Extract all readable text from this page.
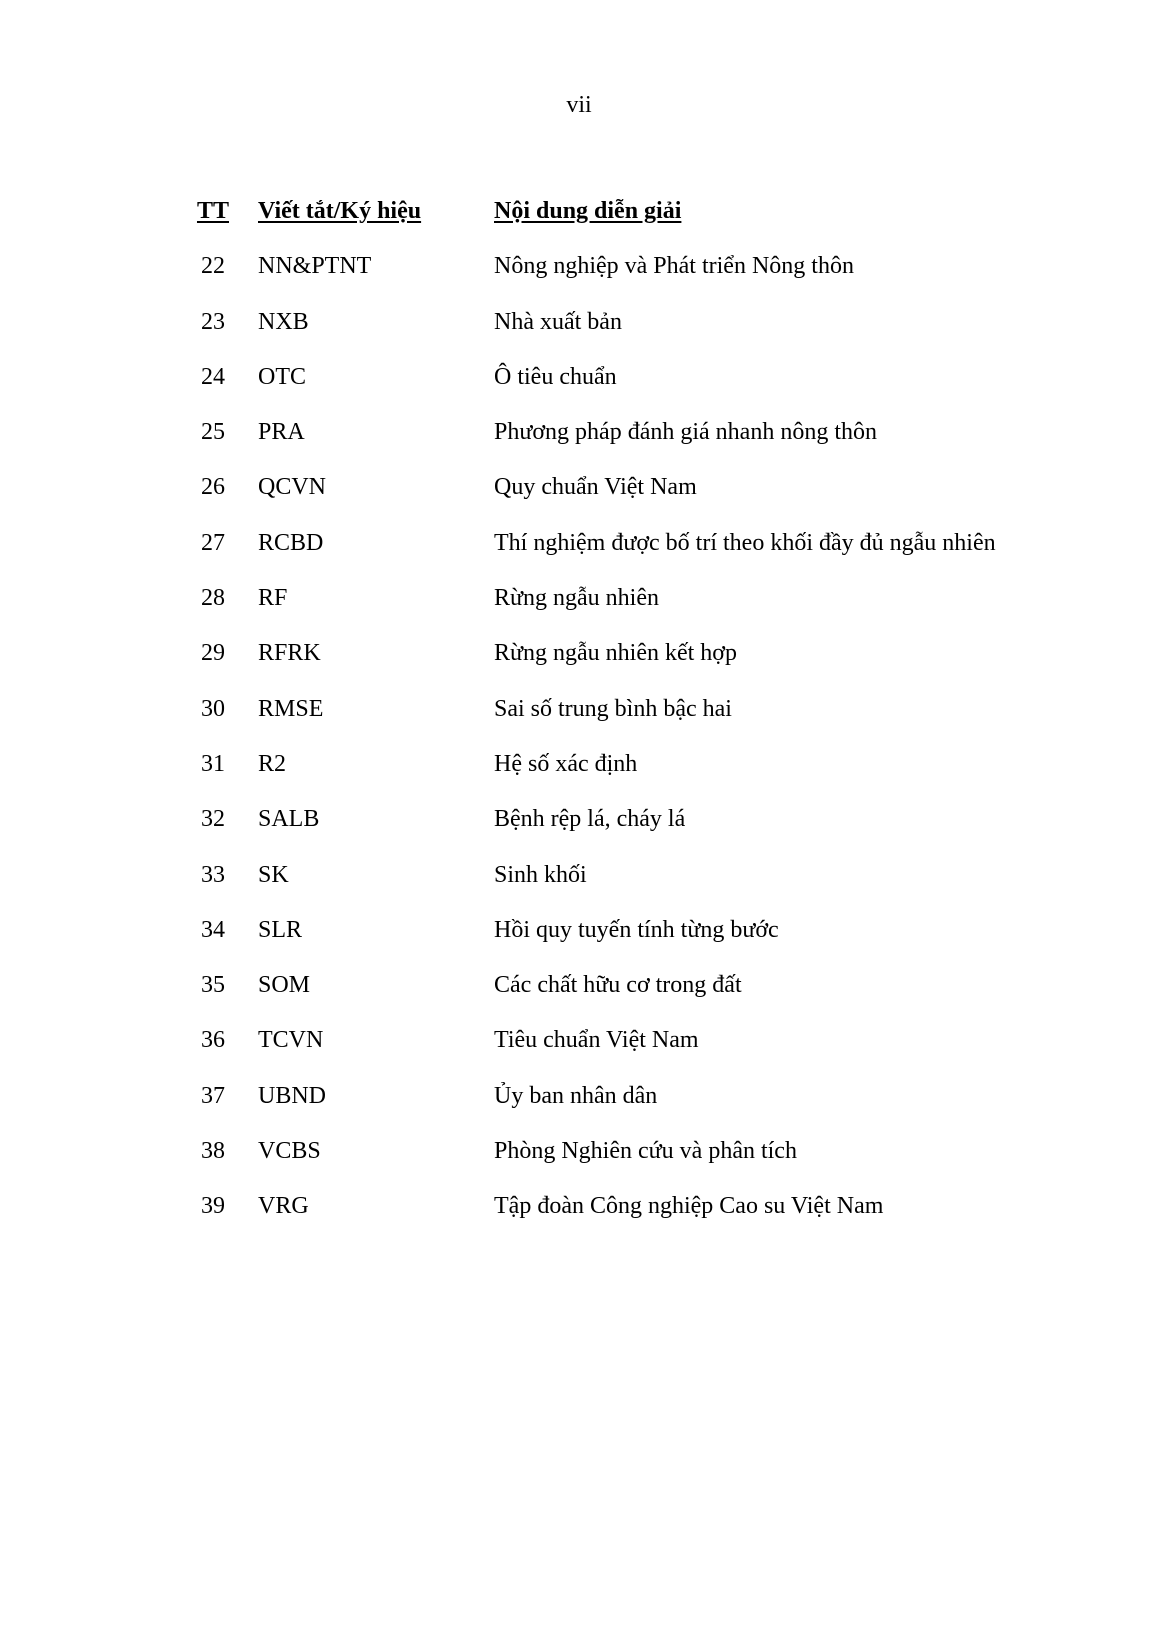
vii
TT Viết tắt/Ký hiệu	Nội dung diễn giải
22 NN&PTNT	Nông nghiệp và Phát triển Nông thôn
23 NXB	Nhà xuất bản
24 OTC	Ô tiêu chuẩn
25 PRA	Phương pháp đánh giá nhanh nông thôn
26 QCVN	Quy chuẩn Việt Nam
27 RCBD	Thí nghiệm được bố trí theo khối đầy đủ ngẫu nhiên
28 RF	Rừng ngẫu nhiên
29 RFRK	Rừng ngẫu nhiên kết hợp
30 RMSE	Sai số trung bình bậc hai
31 R2	Hệ số xác định
32 SALB	Bệnh rệp lá, cháy lá
33 SK	Sinh khối
34 SLR	Hồi quy tuyến tính từng bước
35 SOM	Các chất hữu cơ trong đất
36 TCVN	Tiêu chuẩn Việt Nam
37 UBND	Ủy ban nhân dân
38 VCBS	Phòng Nghiên cứu và phân tích
39 VRG	Tập đoàn Công nghiệp Cao su Việt Nam
